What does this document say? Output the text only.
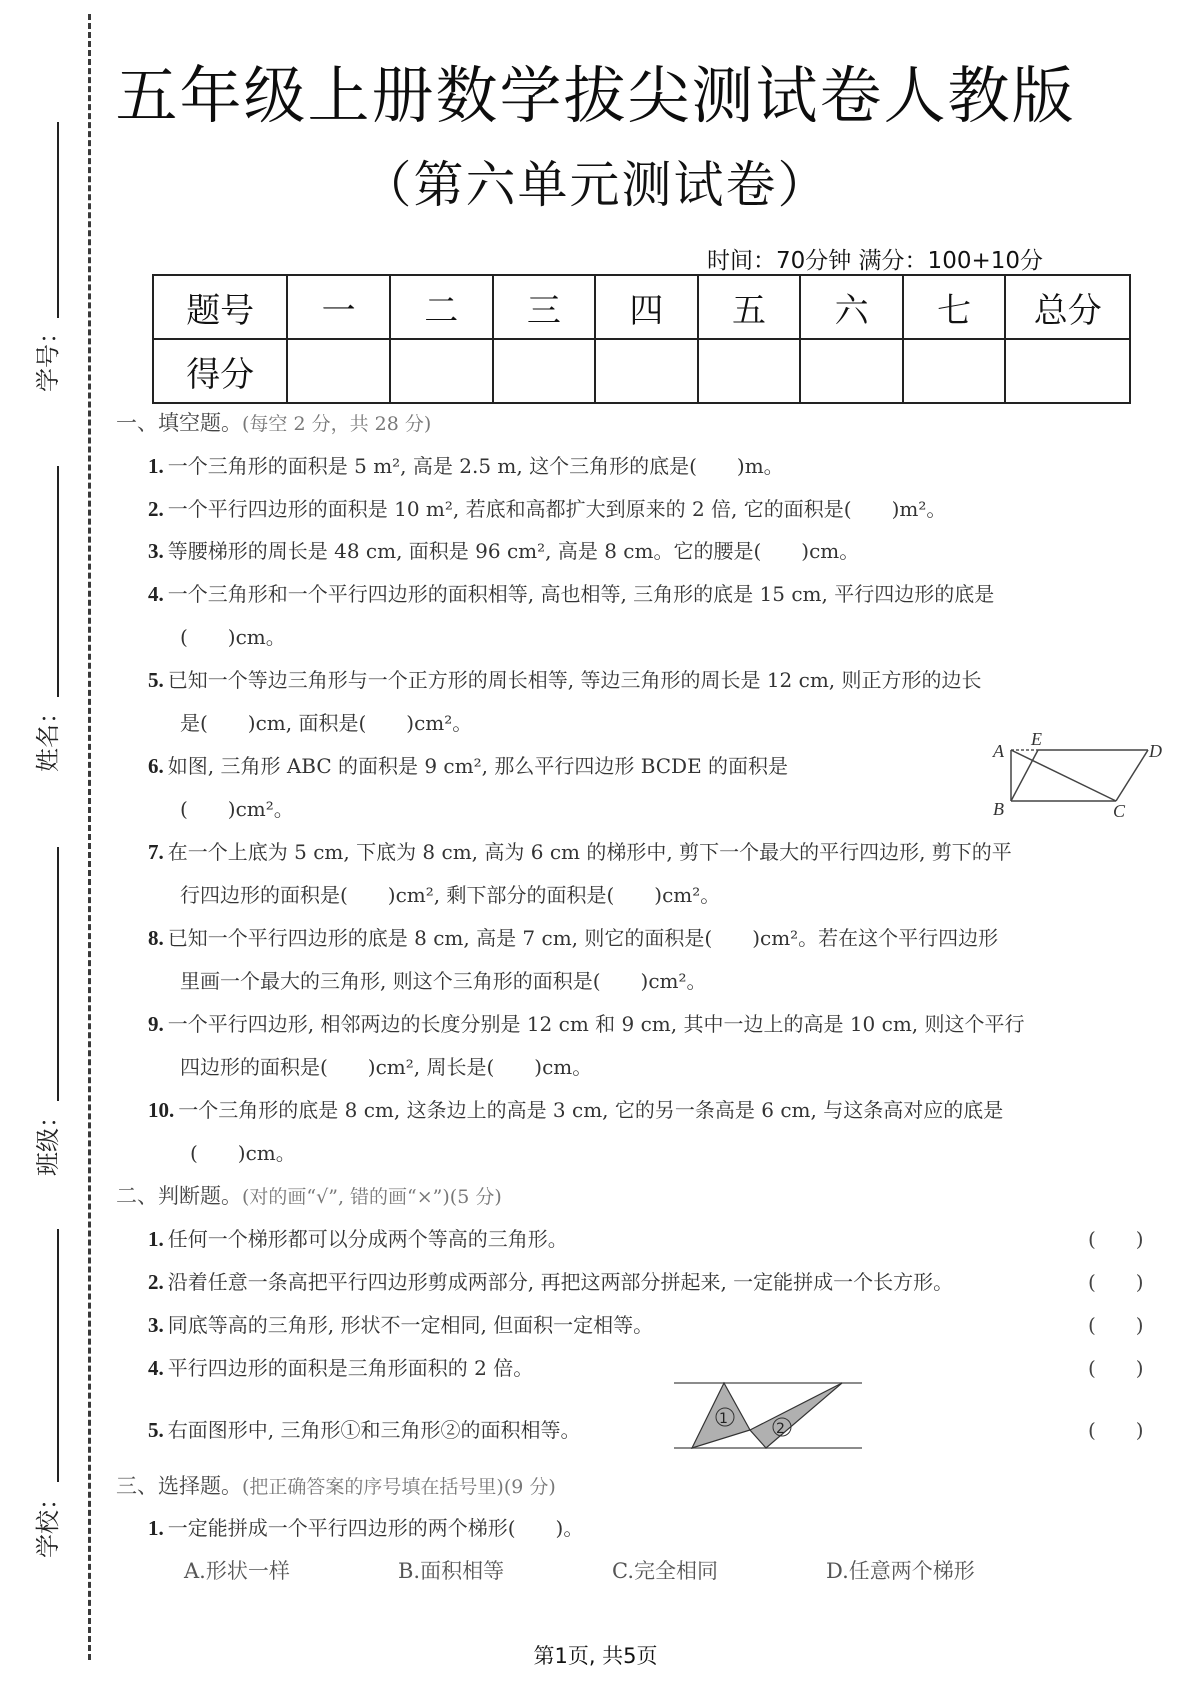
学号：
姓名：
班级：
学校：
五年级上册数学拔尖测试卷人教版
（第六单元测试卷）
时间：70分钟 满分：100+10分
题号	一	二	三	四	五	六	七	总分
得分								
一、填空题。(每空 2 分，共 28 分)
1. 一个三角形的面积是 5 m², 高是 2.5 m, 这个三角形的底是(　　)m。
2. 一个平行四边形的面积是 10 m², 若底和高都扩大到原来的 2 倍, 它的面积是(　　)m²。
3. 等腰梯形的周长是 48 cm, 面积是 96 cm², 高是 8 cm。它的腰是(　　)cm。
4. 一个三角形和一个平行四边形的面积相等, 高也相等, 三角形的底是 15 cm, 平行四边形的底是
(　　)cm。
5. 已知一个等边三角形与一个正方形的周长相等, 等边三角形的周长是 12 cm, 则正方形的边长
是(　　)cm, 面积是(　　)cm²。
6. 如图, 三角形 ABC 的面积是 9 cm², 那么平行四边形 BCDE 的面积是
(　　)cm²。
A
E
D
B	C
7. 在一个上底为 5 cm, 下底为 8 cm, 高为 6 cm 的梯形中, 剪下一个最大的平行四边形, 剪下的平
行四边形的面积是(　　)cm², 剩下部分的面积是(　　)cm²。
8. 已知一个平行四边形的底是 8 cm, 高是 7 cm, 则它的面积是(　　)cm²。若在这个平行四边形
里画一个最大的三角形, 则这个三角形的面积是(　　)cm²。
9. 一个平行四边形, 相邻两边的长度分别是 12 cm 和 9 cm, 其中一边上的高是 10 cm, 则这个平行
四边形的面积是(　　)cm², 周长是(　　)cm。
10. 一个三角形的底是 8 cm, 这条边上的高是 3 cm, 它的另一条高是 6 cm, 与这条高对应的底是
(　　)cm。
二、判断题。(对的画“√”, 错的画“×”)(5 分)
1. 任何一个梯形都可以分成两个等高的三角形。	(　　)
2. 沿着任意一条高把平行四边形剪成两部分, 再把这两部分拼起来, 一定能拼成一个长方形。	(　　)
3. 同底等高的三角形, 形状不一定相同, 但面积一定相等。	(　　)
4. 平行四边形的面积是三角形面积的 2 倍。	(　　)
5. 右面图形中, 三角形①和三角形②的面积相等。	(　　)
1
2
三、选择题。(把正确答案的序号填在括号里)(9 分)
1. 一定能拼成一个平行四边形的两个梯形(　　)。
A.形状一样	B.面积相等	C.完全相同	D.任意两个梯形
第1页, 共5页
